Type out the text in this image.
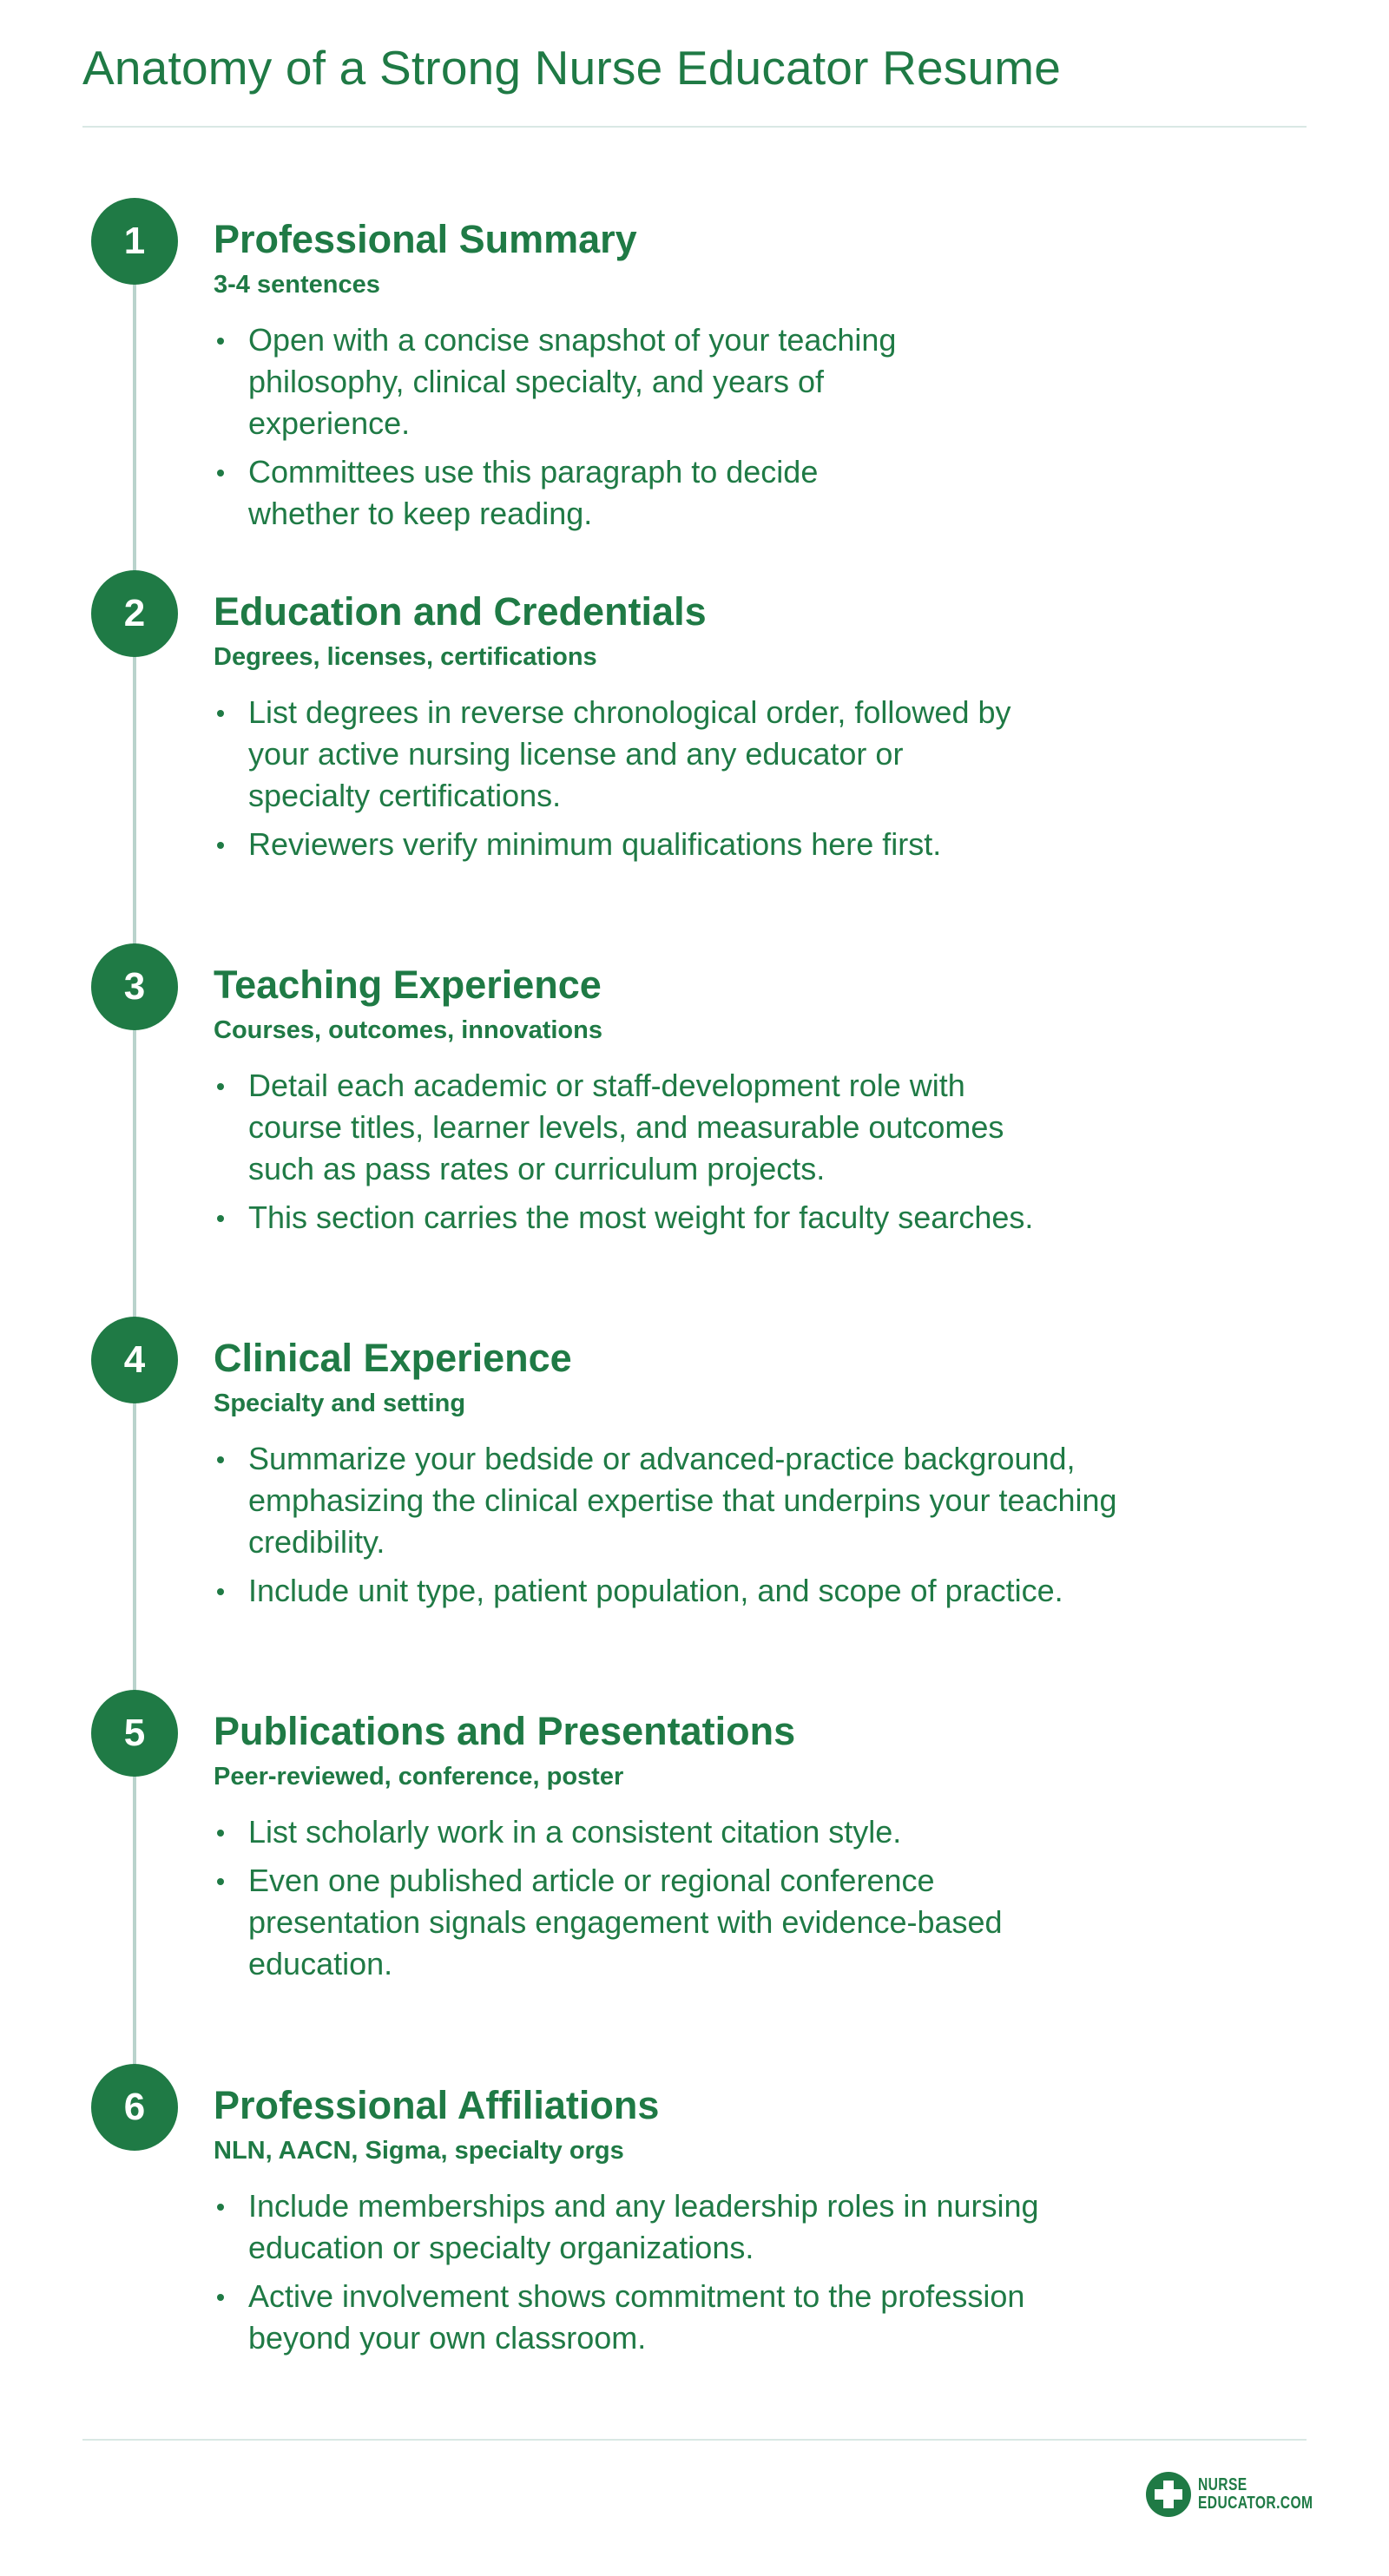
Anatomy of a Strong Nurse Educator Resume
1	Professional Summary
3-4 sentences
Open with a concise snapshot of your teaching philosophy, clinical specialty, and years of experience.
Committees use this paragraph to decide whether to keep reading.
2	Education and Credentials
Degrees, licenses, certifications
List degrees in reverse chronological order, followed by your active nursing license and any educator or specialty certifications.
Reviewers verify minimum qualifications here first.
3	Teaching Experience
Courses, outcomes, innovations
Detail each academic or staff-development role with course titles, learner levels, and measurable outcomes such as pass rates or curriculum projects.
This section carries the most weight for faculty searches.
4	Clinical Experience
Specialty and setting
Summarize your bedside or advanced-practice background, emphasizing the clinical expertise that underpins your teaching credibility.
Include unit type, patient population, and scope of practice.
5	Publications and Presentations
Peer-reviewed, conference, poster
List scholarly work in a consistent citation style.
Even one published article or regional conference presentation signals engagement with evidence-based education.
6	Professional Affiliations
NLN, AACN, Sigma, specialty orgs
Include memberships and any leadership roles in nursing education or specialty organizations.
Active involvement shows commitment to the profession beyond your own classroom.
NURSE
EDUCATOR.COM
